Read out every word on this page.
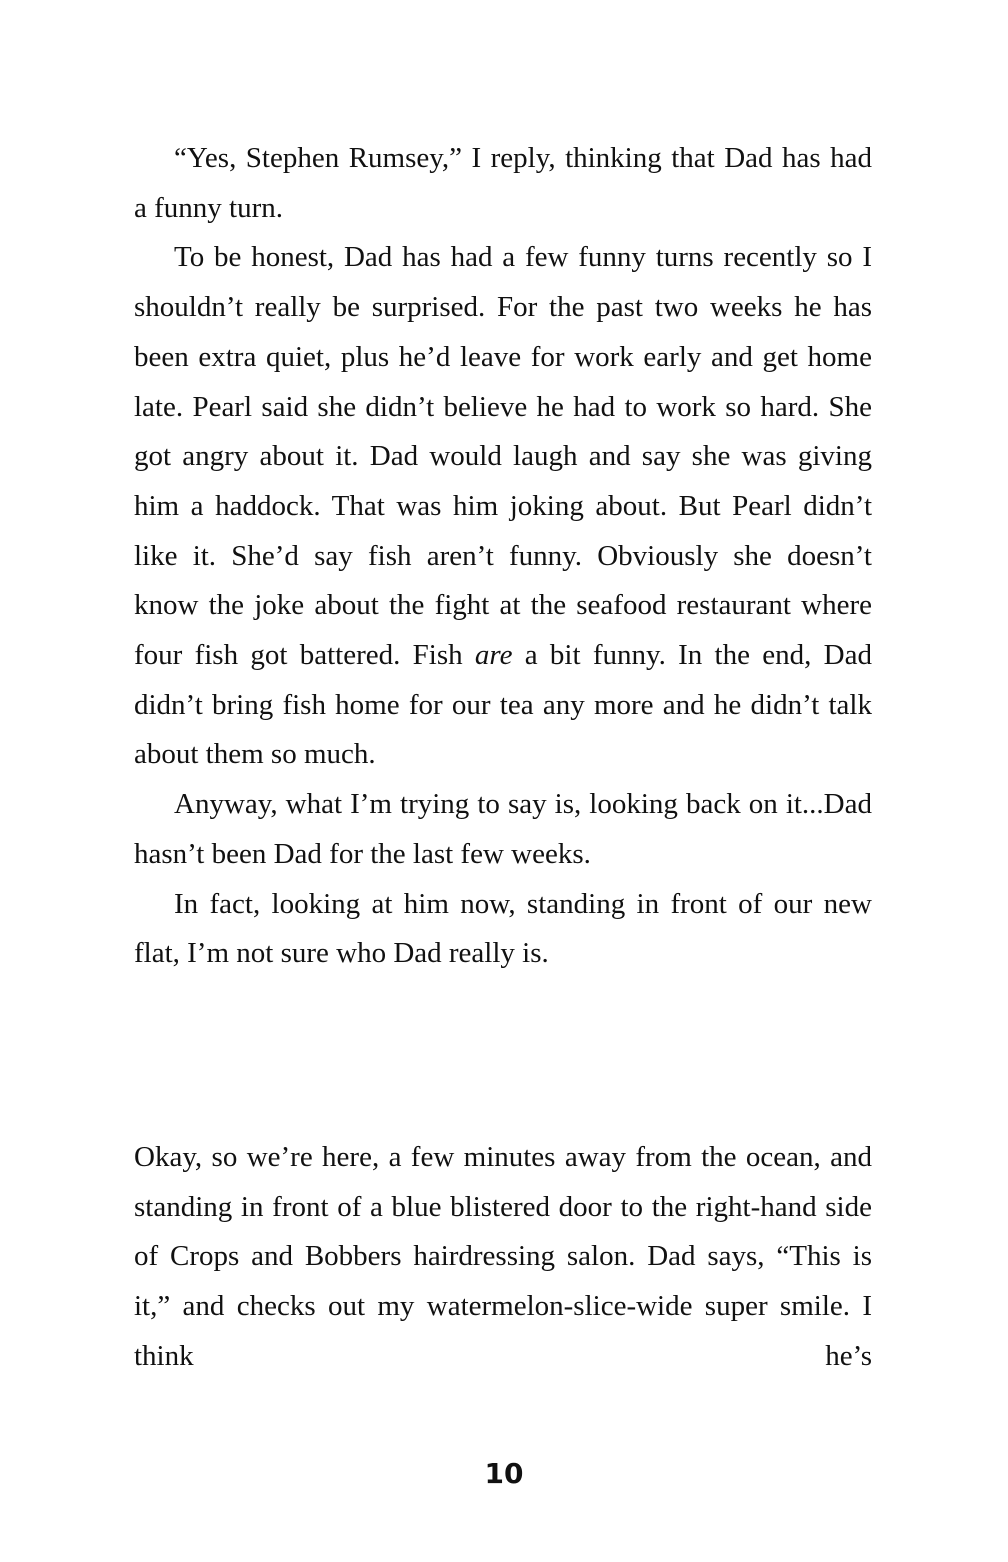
“Yes, Stephen Rumsey,” I reply, thinking that Dad has had a funny turn.

To be honest, Dad has had a few funny turns recently so I shouldn’t really be surprised. For the past two weeks he has been extra quiet, plus he’d leave for work early and get home late. Pearl said she didn’t believe he had to work so hard. She got angry about it. Dad would laugh and say she was giving him a haddock. That was him joking about. But Pearl didn’t like it. She’d say fish aren’t funny. Obviously she doesn’t know the joke about the fight at the seafood restaurant where four fish got battered. Fish are a bit funny. In the end, Dad didn’t bring fish home for our tea any more and he didn’t talk about them so much.

Anyway, what I’m trying to say is, looking back on it...Dad hasn’t been Dad for the last few weeks.

In fact, looking at him now, standing in front of our new flat, I’m not sure who Dad really is.

Okay, so we’re here, a few minutes away from the ocean, and standing in front of a blue blistered door to the right-hand side of Crops and Bobbers hairdressing salon. Dad says, “This is it,” and checks out my watermelon-slice-wide super smile. I think he’s

10
